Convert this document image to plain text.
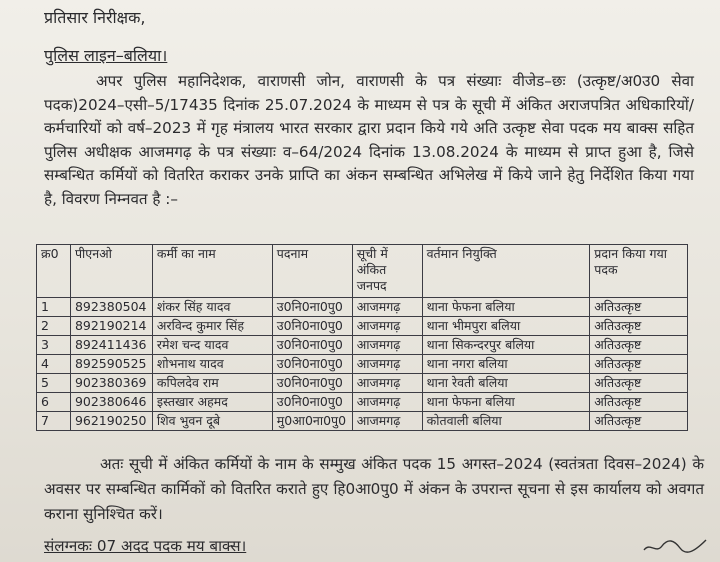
प्रतिसार निरीक्षक,
पुलिस लाइन–बलिया।
अपर पुलिस महानिदेशक, वाराणसी जोन, वाराणसी के पत्र संख्याः वीजेड–छः (उत्कृष्ट/अ0उ0 सेवा पदक)2024–एसी–5/17435 दिनांक 25.07.2024 के माध्यम से पत्र के सूची में अंकित अराजपत्रित अधिकारियों/कर्मचारियों को वर्ष–2023 में गृह मंत्रालय भारत सरकार द्वारा प्रदान किये गये अति उत्कृष्ट सेवा पदक मय बाक्स सहित पुलिस अधीक्षक आजमगढ़ के पत्र संख्याः व–64/2024 दिनांक 13.08.2024 के माध्यम से प्राप्त हुआ है, जिसे सम्बन्धित कर्मियों को वितरित कराकर उनके प्राप्ति का अंकन सम्बन्धित अभिलेख में किये जाने हेतु निर्देशित किया गया है, विवरण निम्नवत है :–
क्र0	पीएनओ	कर्मी का नाम	पदनाम	सूची में अंकित जनपद	वर्तमान नियुक्ति	प्रदान किया गया पदक
1	892380504	शंकर सिंह यादव	उ0नि0ना0पु0	आजमगढ़	थाना फेफना बलिया	अतिउत्कृष्ट
2	892190214	अरविन्द कुमार सिंह	उ0नि0ना0पु0	आजमगढ़	थाना भीमपुरा बलिया	अतिउत्कृष्ट
3	892411436	रमेश चन्द यादव	उ0नि0ना0पु0	आजमगढ़	थाना सिकन्दरपुर बलिया	अतिउत्कृष्ट
4	892590525	शोभनाथ यादव	उ0नि0ना0पु0	आजमगढ़	थाना नगरा बलिया	अतिउत्कृष्ट
5	902380369	कपिलदेव राम	उ0नि0ना0पु0	आजमगढ़	थाना रेवती बलिया	अतिउत्कृष्ट
6	902380646	इस्तखार अहमद	उ0नि0ना0पु0	आजमगढ़	थाना फेफना बलिया	अतिउत्कृष्ट
7	962190250	शिव भुवन दूबे	मु0आ0ना0पु0	आजमगढ़	कोतवाली बलिया	अतिउत्कृष्ट
अतः सूची में अंकित कर्मियों के नाम के सम्मुख अंकित पदक 15 अगस्त–2024 (स्वतंत्रता दिवस–2024) के अवसर पर सम्बन्धित कार्मिकों को वितरित कराते हुए हि0आ0पु0 में अंकन के उपरान्त सूचना से इस कार्यालय को अवगत कराना सुनिश्चित करें।
संलग्नकः 07 अदद पदक मय बाक्स।
